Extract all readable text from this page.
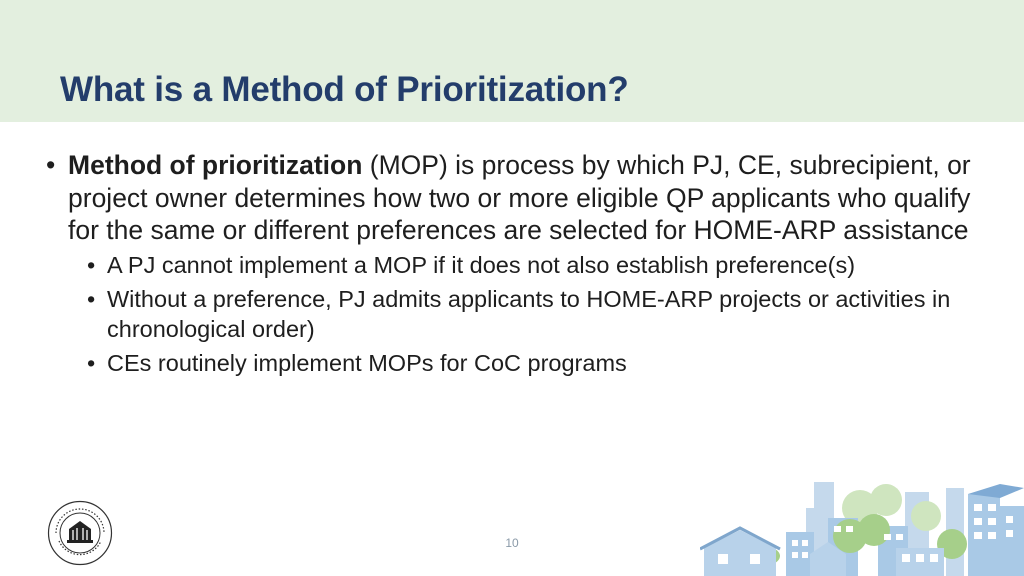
What is a Method of Prioritization?
• Method of prioritization (MOP) is process by which PJ, CE, subrecipient, or project owner determines how two or more eligible QP applicants who qualify for the same or different preferences are selected for HOME-ARP assistance
• A PJ cannot implement a MOP if it does not also establish preference(s)
• Without a preference, PJ admits applicants to HOME-ARP projects or activities in chronological order)
• CEs routinely implement MOPs for CoC programs
10
